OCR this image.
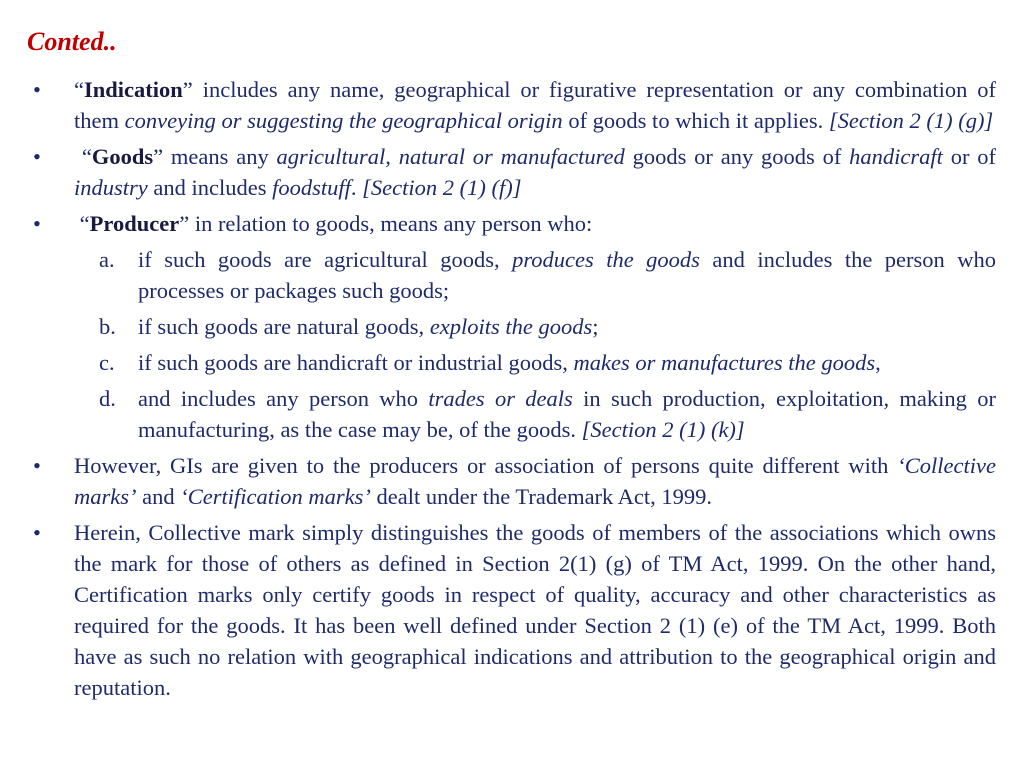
Conted..
•	“Indication” includes any name, geographical or figurative representation or any combination of them conveying or suggesting the geographical origin of goods to which it applies. [Section 2 (1) (g)]
•	“Goods” means any agricultural, natural or manufactured goods or any goods of handicraft or of industry and includes foodstuff. [Section 2 (1) (f)]
•	“Producer” in relation to goods, means any person who:
a.	if such goods are agricultural goods, produces the goods and includes the person who processes or packages such goods;
b. if such goods are natural goods, exploits the goods;
c.	if such goods are handicraft or industrial goods, makes or manufactures the goods,
d. and includes any person who trades or deals in such production, exploitation, making or manufacturing, as the case may be, of the goods. [Section 2 (1) (k)]
•	However, GIs are given to the producers or association of persons quite different with ‘Collective marks’ and ‘Certification marks’ dealt under the Trademark Act, 1999.
•	Herein, Collective mark simply distinguishes the goods of members of the associations which owns the mark for those of others as defined in Section 2(1) (g) of TM Act, 1999. On the other hand, Certification marks only certify goods in respect of quality, accuracy and other characteristics as required for the goods. It has been well defined under Section 2 (1) (e) of the TM Act, 1999. Both have as such no relation with geographical indications and attribution to the geographical origin and reputation.
